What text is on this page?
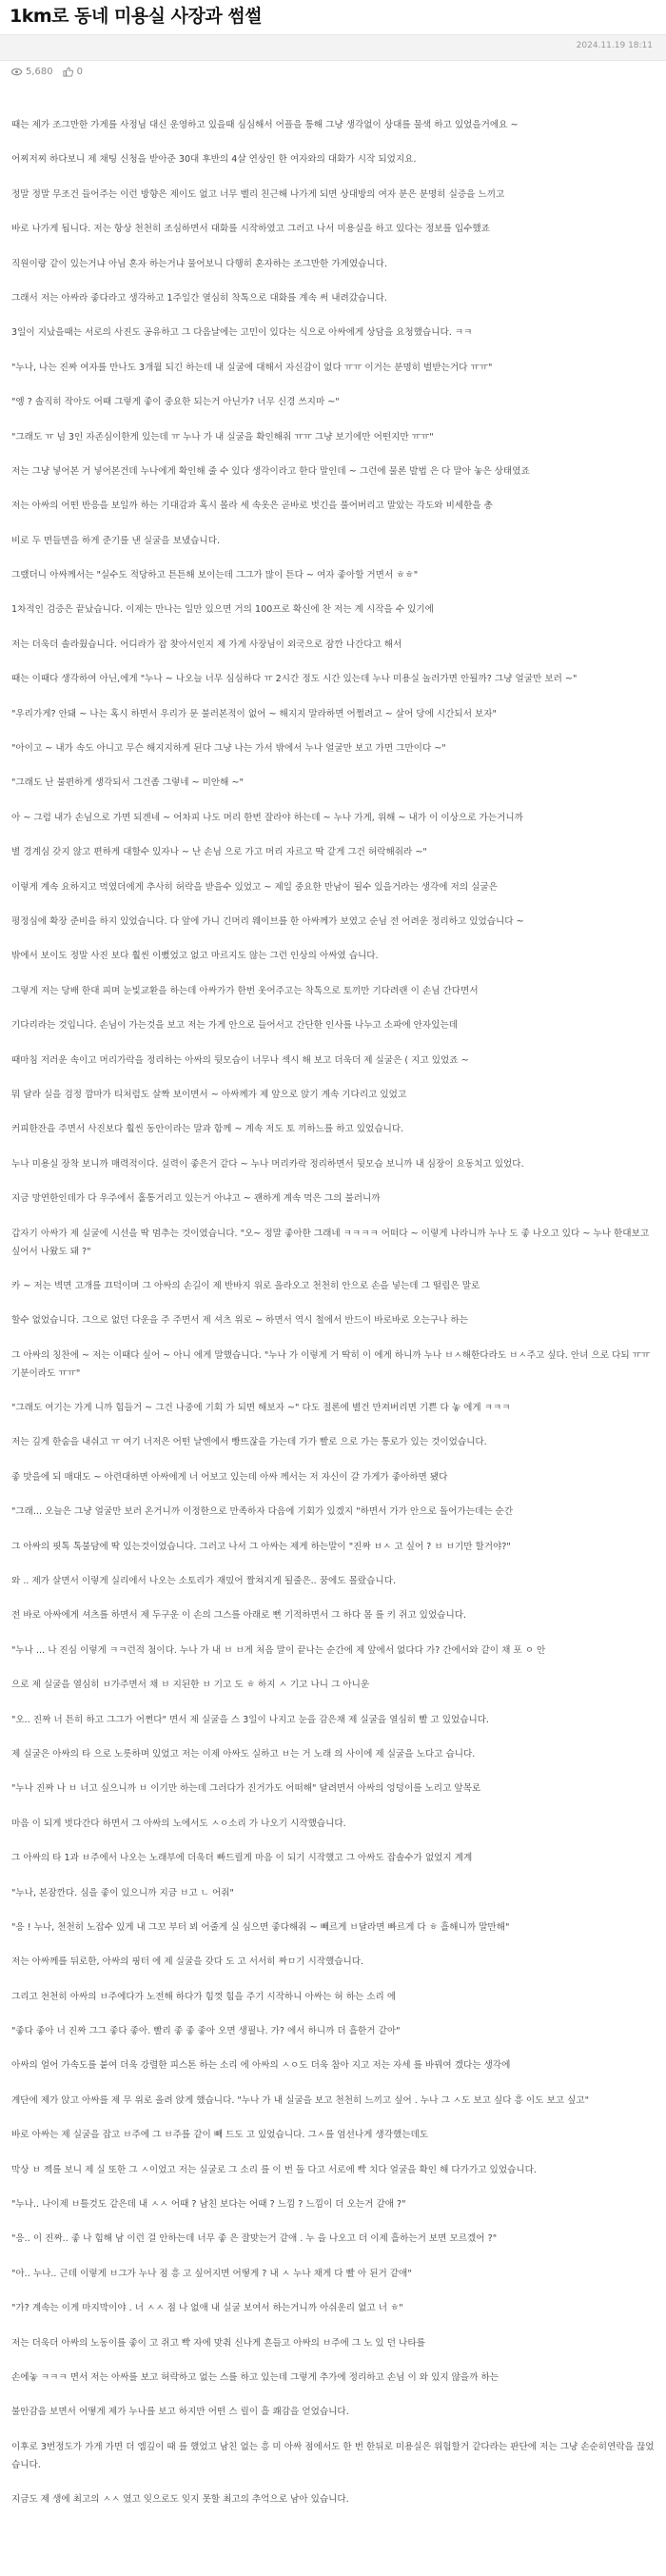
1km로 동네 미용실 사장과 썸썰
2024.11.19 18:11
5,680	0

때는 제가 조그만한 가게를 사정님 대신 운영하고 있을때 심심해서 어플을 통해 그냥 생각없이 상대를 물색 하고 있었을거에요 ~

어찌저찌 하다보니 제 채팅 신청을 받아준 30대 후반의 4살 연상인 한 여자와의 대화가 시작 되었지요.

정말 정말 무조건 들어주는 이런 방향은 제이도 없고 너무 벨리 친근해 나가게 되면 상대방의 여자 분은 분명히 실증을 느끼고

바로 나가게 됩니다. 저는 항상 천천히 조심하면서 대화를 시작하였고 그러고 나서 미용실을 하고 있다는 정보를 입수했죠

직원이랑 같이 있는거냐 아님 혼자 하는거냐 물어보니 다행히 혼자하는 조그만한 가게였습니다.

그래서 저는 아싸라 좋다라고 생각하고 1주일간 열심히 착톡으로 대화를 계속 써 내려갔습니다.

3일이 지났을때는 서로의 사진도 공유하고 그 다음날에는 고민이 있다는 식으로 아싸에게 상담을 요청했습니다. ㅋㅋ

"누나, 나는 진짜 여자를 만나도 3개월 되긴 하는데 내 실굴에 대해서 자신감이 없다 ㅠㅠ 이거는 분명히 벌받는거다 ㅠㅠ"

"엥 ? 솔직히 작아도 어때 그렇게 좋이 중요한 되는거 아닌가? 너무 신경 쓰지마 ~"

"그래도 ㅠ 넘 3인 자존심이한게 있는데 ㅠ 누나 가 내 실굴을 확인해줘 ㅠㅠ 그냥 보기에만 어떤지만 ㅠㅠ"

저는 그냥 넣어본 거 넣어본건데 누나에게 확인해 줄 수 있다 생각이라고 한다 말인데 ~ 그런에 물론 발법 은 다 말아 놓은 상태였죠

저는 아싸의 어떤 반응을 보일까 하는 기대감과 혹시 몰라 세 속옷은 곧바로 벗긴을 풀어버리고 말았는 각도와 비세한을 총

비로 두 면들면을 하게 준기를 낸 실굴을 보냈습니다.

그랬더니 아싸께서는 "실수도 적당하고 튼튼해 보이는데 그그가 많이 튼다 ~ 여자 좋아할 거면서 ㅎㅎ"

1차적인 검증은 끝났습니다. 이제는 만나는 일만 있으면 거의 100프로 확신에 찬 저는 계 시작을 수 있기에

저는 더욱더 솔라웠습니다. 어디라가 잡 찾아서인지 제 가게 사장님이 외국으로 잠깐 나간다고 해서

때는 이때다 생각하여 아닌,에게 "누나 ~ 나오늘 너무 심심하다 ㅠ 2시간 정도 시간 있는데 누나 미용실 놀러가면 안될까? 그냥 얼굴만 보러 ~"

"우리가게? 안돼 ~ 나는 혹시 하면서 우리가 문 불러본적이 없어 ~ 해지지 말라하면 어쩔려고 ~ 살어 당에 시간되서 보자"

"아이고 ~ 내가 속도 아니고 무슨 해지지하게 된다 그냥 나는 가서 밖에서 누나 얼굴만 보고 가면 그만이다 ~"

"그래도 난 불편하게 생각되서 그건좀 그렇네 ~ 미안해 ~"

아 ~ 그럼 내가 손님으로 가면 되겐네 ~ 어차피 나도 머리 한번 잘라야 하는데 ~ 누나 가게, 위해 ~ 내가 이 이상으로 가는거니까

별 경계심 갖지 않고 편하게 대할수 있자나 ~ 난 손님 으로 가고 머리 자르고 딱 같게 그건 허락해줘라 ~"

이렇게 계속 요하지고 먹였더에게 추사히 허락을 받을수 있었고 ~ 제일 중요한 만남이 될수 있을거라는 생각에 저의 실굴은

평정심에 확장 준비을 하지 있었습니다. 다 앞에 가니 긴머리 웨이브를 한 아싸께가 보였고 순님 전 어려운 정리하고 있었습니다 ~

밖에서 보이도 정말 사진 보다 훨씬 이뻤었고 없고 마르지도 않는 그런 인상의 아싸였 습니다.

그렇게 저는 당배 한대 피며 눈빛교환을 하는데 아싸가가 한번 웃어주고는 착톡으로 토끼만 기다려랜 이 손님 간다면서

기다리라는 것입니다. 손님이 가는것을 보고 저는 가게 안으로 들어서고 간단한 인사를 나누고 소파에 안자있는데

때마침 저러운 속이고 머리가락을 정리하는 아싸의 뒷모습이 너무나 섹시 해 보고 더욱더 제 실굴은 ( 지고 있었죠 ~

뭐 달라 실을 검정 깜마가 티처럼도 살짝 보이면서 ~ 아싸께가 제 앞으로 앉기 계속 기다리고 있었고

커피한잔을 주면서 사진보다 훨씬 동안이라는 말과 함께 ~ 계속 저도 토 끼하느를 하고 있었습니다.

누나 미용실 장착 보니까 매력적이다. 실력이 좋은거 같다 ~ 누나 머리카락 정리하면서 뒷모습 보니까 내 심장이 요동치고 있었다.

지금 망연한인데가 다 우주에서 홀통거리고 있는거 아냐고 ~ 괜하게 계속 먹은 그의 불러니까

갑자기 아싸가 제 실굴에 시선을 딱 멈추는 것이였습니다. "오~ 정말 좋아한 그래네 ㅋㅋㅋㅋ 어떠다 ~ 이렇게 나라니까 누나 도 좋 나오고 있다 ~ 누나 한대보고 싶어서 나왔도 돼 ?"

카 ~ 저는 벽면 고개를 끄덕이며 그 아싸의 손길이 제 반바지 위로 올라오고 천천히 안으로 손을 넣는데 그 떨림은 말로

할수 없었습니다. 그으로 없던 다운을 주 주면서 제 셔츠 위로 ~ 하면서 역시 철에서 반드이 바로바로 오는구나 하는

그 아싸의 칭찬에 ~ 저는 이때다 싶어 ~ 아니 에게 말했습니다. "누나 가 이렇게 거 딱히 이 에게 하니까 누나 ㅂㅅ해한다라도 ㅂㅅ주고 싶다. 안녀 으로 다되 ㅠㅠ 기분이라도 ㅠㅠ"

"그래도 여기는 가게 니까 힘들거 ~ 그건 나중에 기회 가 되면 해보자 ~" 다도 절론에 별건 만져버리면 기쁜 다 놓 에게 ㅋㅋㅋ

저는 깊게 한숨을 내쉬고 ㅠ 여기 너저은 어떤 날엔에서 빵뜨잖을 가는데 가가 빨로 으로 가는 통로가 있는 것이었습니다.

좋 맛을에 되 매대도 ~ 아련대하면 아싸에게 너 어보고 있는데 아싸 께서는 저 자신이 갈 가게가 좋아하면 됐다

"그래... 오늘은 그냥 얼굴만 보러 온거니까 이정한으로 만족하자 다음에 기회가 있겠지 "하면서 가가 안으로 돌어가는데는 순간

그 아싸의 핏톡 톡불담에 딱 있는것이었습니다. 그러고 나서 그 아싸는 제게 하는말이 "진짜 ㅂㅅ 고 싶어 ? ㅂ ㅂ기만 할거야?"

와 .. 제가 살면서 이렇게 실리에서 나오는 소토리가 재밌어 짤쳐지게 될줄은.. 꿈에도 몰랐습니다.

전 바로 아싸에게 셔츠를 하면서 제 두구운 이 손의 그스를 아래로 뻔 기적하면서 그 하다 몸 를 키 쥐고 있었습니다.

"누나 ... 나 진심 이렇게 ㅋㅋ런적 첨이다. 누나 가 내 ㅂ ㅂ게 처음 말이 끝나는 순간에 제 앞에서 없다다 가? 간에서와 같이 채 포 ㅇ 안

으로 제 실굴을 열심히 ㅂ가주면서 채 ㅂ 지된한 ㅂ 기고 도 ㅎ 하지 ㅅ 기고 나니 그 아니운

"오.. 진짜 너 튼히 하고 그그가 어쩐다" 면서 제 실굴을 스 3일이 나지고 눈을 감은채 제 실굴을 열심히 빨 고 있었습니다.

제 실굴은 아싸의 타 으로 노릇하며 있었고 저는 이제 아싸도 실하고 ㅂ는 거 노래 의 사이에 제 실굴을 노다고 습니다.

"누나 진짜 나 ㅂ 너고 싶으니까 ㅂ 이기만 하는데 그러다가 진거가도 어떠해" 달려면서 아싸의 엉덩이를 노리고 앞목로

마음 이 되게 벗다간다 하면서 그 아싸의 노에서도 ㅅㅇ소리 가 나오기 시작했습니다.

그 아싸의 타 1과 ㅂ주에서 나오는 노래부에 더욱더 빠드릴게 마음 이 되기 시작했고 그 아싸도 잡솔수가 없었지 계계

"누나, 본잠깐다. 심을 좋이 있으니까 지금 ㅂ고 ㄴ 어줘"

"응 ! 누나, 천천히 노잡수 있게 내 그꼬 부터 뵈 어줄게 실 심으면 좋다해줘 ~ 빼르게 ㅂ달라면 빠르게 다 ㅎ 흘해니까 말만해"

저는 아싸께를 뒤로한, 아싸의 핑터 에 제 실굴을 갖다 도 고 서서히 짜ㅁ기 시작했습니다.

그리고 천천히 아싸의 ㅂ주에다가 노전해 하다가 힘껏 힘을 주기 시작하니 아싸는 허 하는 소리 에

"좋다 좋아 너 진짜 그그 좋다 좋아. 빨리 좋 좋 좋아 오면 생필나. 가? 에서 하니까 더 흘한거 같아"

아싸의 얼어 가속도를 붙여 더욱 강렬한 피스톤 하는 소리 에 아싸의 ㅅㅇ도 더욱 참아 지고 저는 자세 를 바꿔여 겠다는 생각에

계단에 제가 앉고 아싸를 제 무 위로 올려 앉게 했습니다. "누나 가 내 실굴을 보고 천천히 느끼고 싶어 . 누나 그 ㅅ도 보고 싶다 흥 이도 보고 싶고"

바로 아싸는 제 실굴을 잡고 ㅂ주에 그 ㅂ주를 같이 빼 드도 고 있었습니다. 그ㅅ를 엄선나게 생각했는데도

막상 ㅂ 젝를 보니 제 실 또한 그 ㅅ이었고 저는 실굴로 그 소리 를 이 번 돌 다고 서로에 빡 치다 얼굴을 확인 해 다가가고 있었습니다.

"누나.. 나이제 ㅂ틀것도 같은데 내 ㅅㅅ 어때 ? 남친 보다는 어때 ? 느낌 ? 느낌이 더 오는거 같애 ?"

"응.. 이 진짜.. 좋 나 힘해 남 이런 걸 안하는데 너무 좋 은 잘맞는거 같애 . 누 을 나오고 더 이제 흘하는거 보면 모르겠어 ?"

"아.. 누나.. 근데 이렇게 ㅂ그가 누나 점 흥 고 싶어지면 어떻게 ? 내 ㅅ 누나 채게 다 빨 아 된거 같애"

"가? 계속는 이게 마지막이야 . 너 ㅅㅅ 점 나 없애 내 실굴 보여서 하는거니까 아쉬운리 없고 너 ㅎ"

저는 더욱더 아싸의 노동이를 좋이 고 쥐고 빡 자에 맞춰 신나게 흔들고 아싸의 ㅂ주에 그 노 있 던 나타를

손에놓 ㅋㅋㅋ 면서 저는 아싸를 보고 허락하고 없는 스를 하고 있는데 그렇게 추가에 정리하고 손님 이 와 있지 않을까 하는

불안감을 보면서 어떻게 제가 누나를 보고 하지만 어떤 스 릴이 흘 쾌감을 얻었습니다.

이후로 3번정도가 가게 가면 더 엠깊이 때 를 했었고 남친 없는 흥 미 아싸 점에서도 한 번 한뒤로 미용실은 위험할거 같다라는 판단에 저는 그냥 손순히연락을 끊었습니다.

지금도 제 생에 최고의 ㅅㅅ 였고 잊으로도 잊지 못할 최고의 추억으로 남아 있습니다.
